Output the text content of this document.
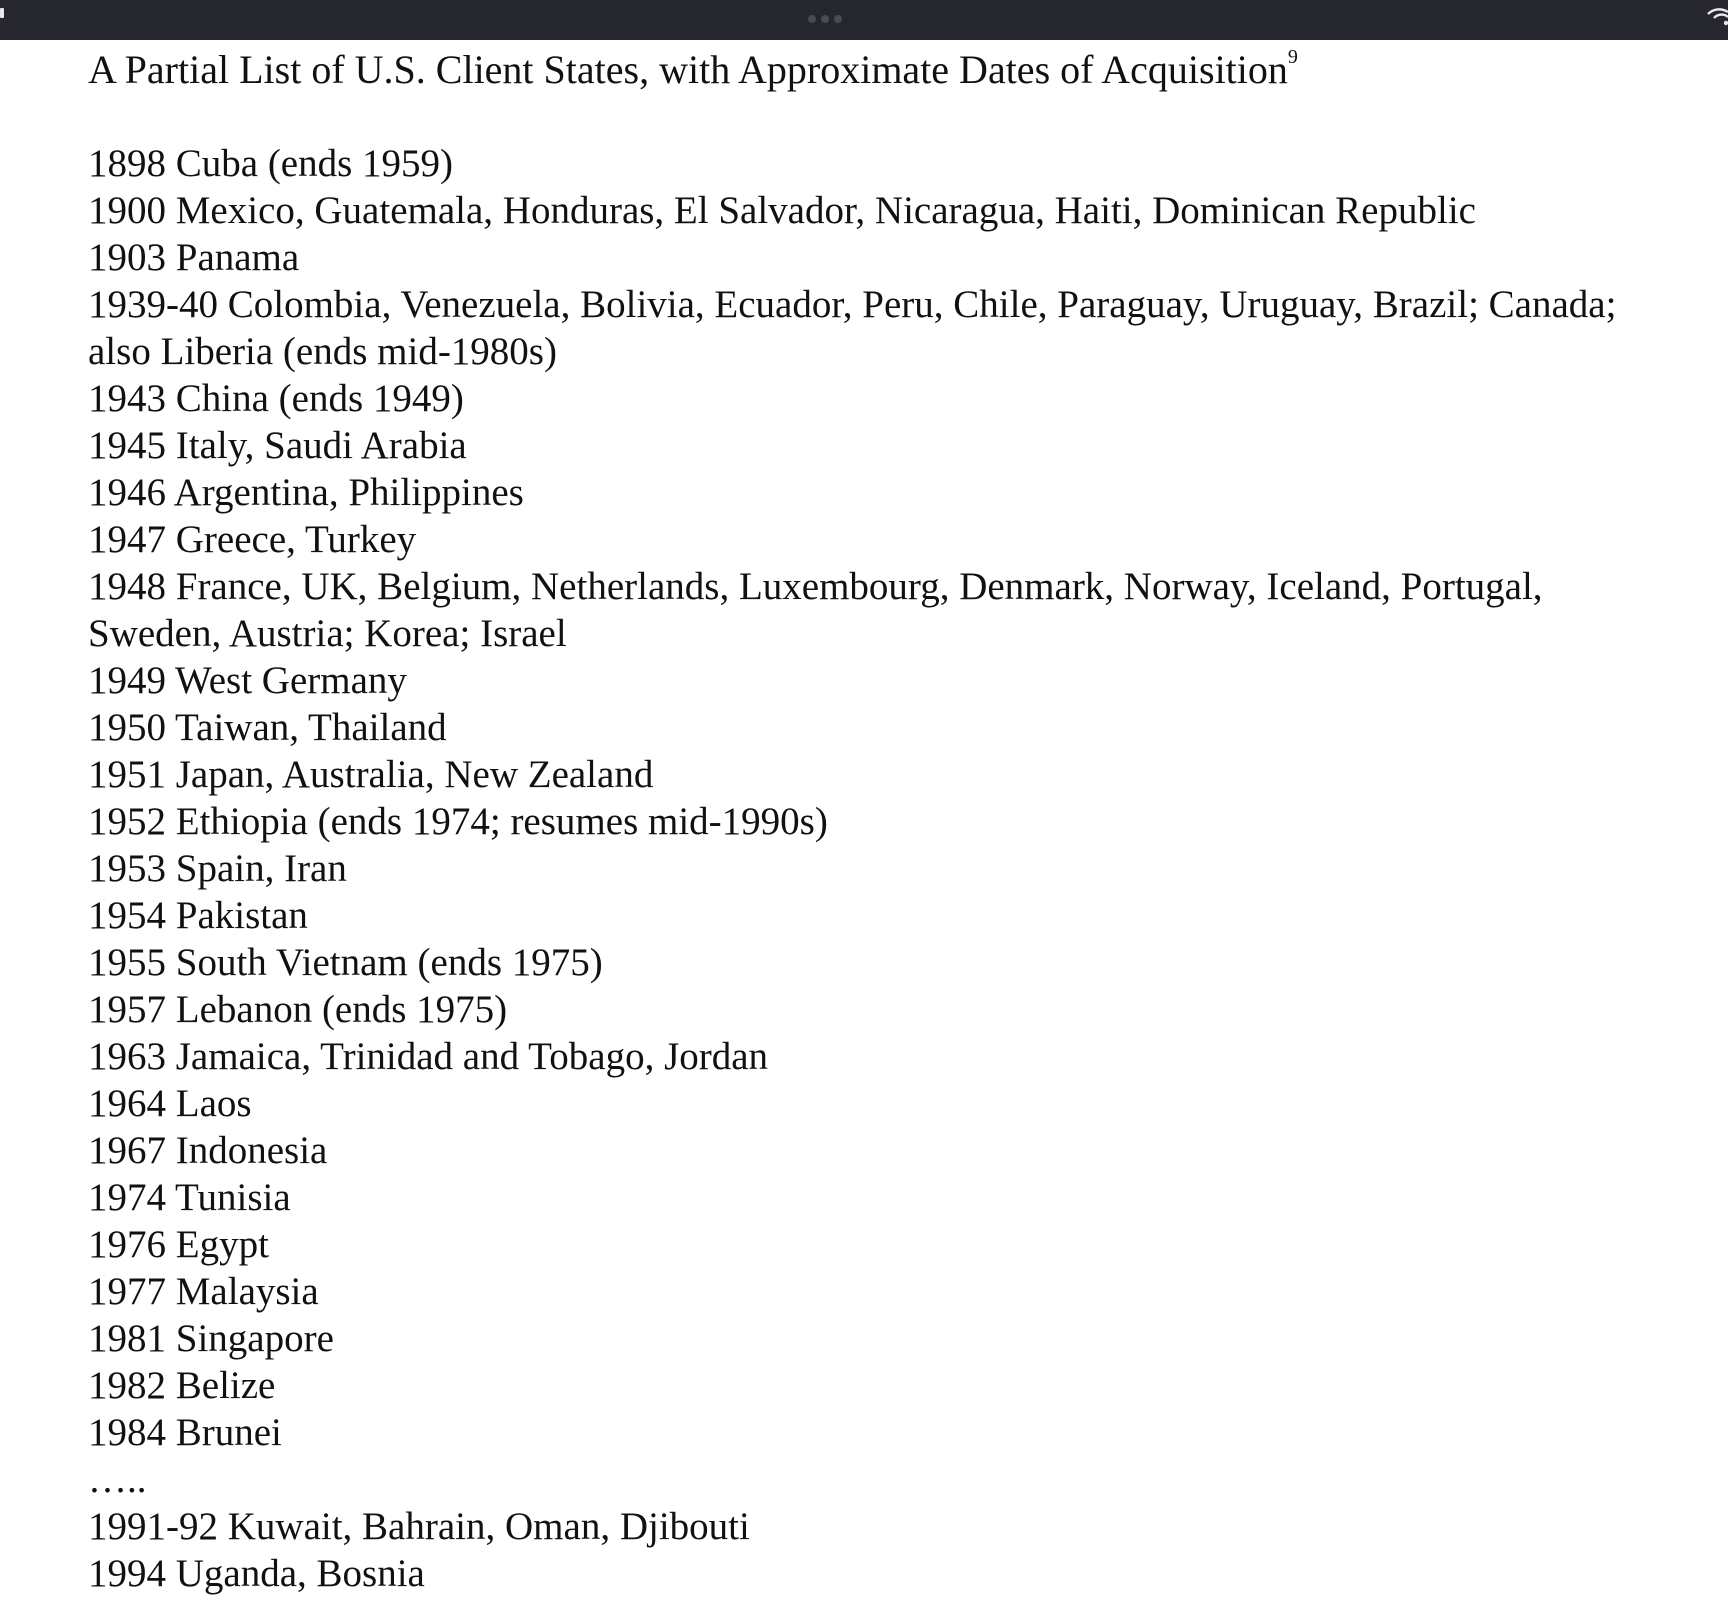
A Partial List of U.S. Client States, with Approximate Dates of Acquisition$^9$
1898 Cuba (ends 1959)
1900 Mexico, Guatemala, Honduras, El Salvador, Nicaragua, Haiti, Dominican Republic
1903 Panama
1939-40 Colombia, Venezuela, Bolivia, Ecuador, Peru, Chile, Paraguay, Uruguay, Brazil; Canada; also Liberia (ends mid-1980s)
1943 China (ends 1949)
1945 Italy, Saudi Arabia
1946 Argentina, Philippines
1947 Greece, Turkey
1948 France, UK, Belgium, Netherlands, Luxembourg, Denmark, Norway, Iceland, Portugal, Sweden, Austria; Korea; Israel
1949 West Germany
1950 Taiwan, Thailand
1951 Japan, Australia, New Zealand
1952 Ethiopia (ends 1974; resumes mid-1990s)
1953 Spain, Iran
1954 Pakistan
1955 South Vietnam (ends 1975)
1957 Lebanon (ends 1975)
1963 Jamaica, Trinidad and Tobago, Jordan
1964 Laos
1967 Indonesia
1974 Tunisia
1976 Egypt
1977 Malaysia
1981 Singapore
1982 Belize
1984 Brunei
…..
1991-92 Kuwait, Bahrain, Oman, Djibouti
1994 Uganda, Bosnia
